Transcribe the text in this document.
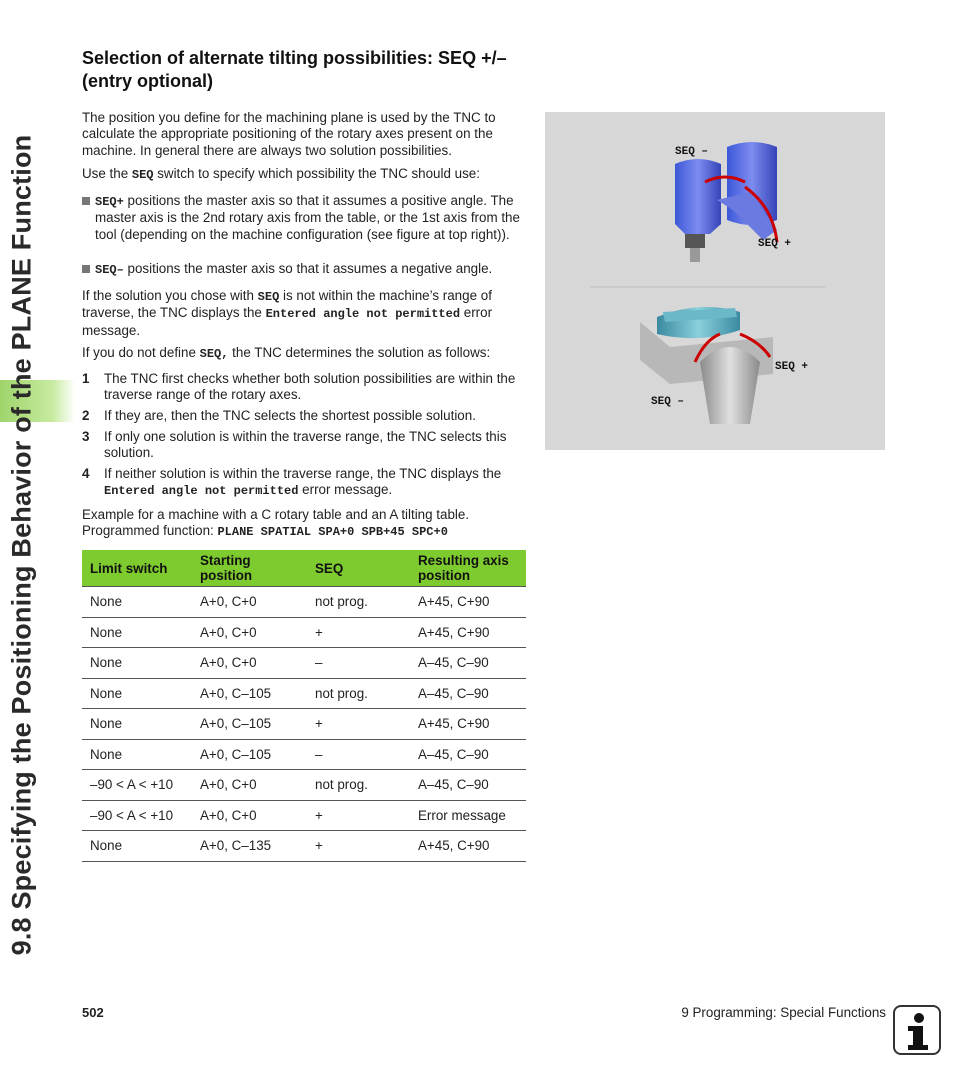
9.8 Specifying the Positioning Behavior of the PLANE Function
Selection of alternate tilting possibilities: SEQ +/– (entry optional)

The position you define for the machining plane is used by the TNC to calculate the appropriate positioning of the rotary axes present on the machine. In general there are always two solution possibilities.

Use the SEQ switch to specify which possibility the TNC should use:

SEQ+ positions the master axis so that it assumes a positive angle. The master axis is the 2nd rotary axis from the table, or the 1st axis from the tool (depending on the machine configuration (see figure at top right)).
SEQ– positions the master axis so that it assumes a negative angle.

If the solution you chose with SEQ is not within the machine’s range of traverse, the TNC displays the Entered angle not permitted error message.

If you do not define SEQ, the TNC determines the solution as follows:

1 The TNC first checks whether both solution possibilities are within the traverse range of the rotary axes.
2 If they are, then the TNC selects the shortest possible solution.
3 If only one solution is within the traverse range, the TNC selects this solution.
4 If neither solution is within the traverse range, the TNC displays the Entered angle not permitted error message.

Example for a machine with a C rotary table and an A tilting table.
Programmed function: PLANE SPATIAL SPA+0 SPB+45 SPC+0

Limit switch	Starting position	SEQ	Resulting axis position
None	A+0, C+0	not prog.	A+45, C+90
None	A+0, C+0	+	A+45, C+90
None	A+0, C+0	–	A–45, C–90
None	A+0, C–105	not prog.	A–45, C–90
None	A+0, C–105	+	A+45, C+90
None	A+0, C–105	–	A–45, C–90
–90 < A < +10	A+0, C+0	not prog.	A–45, C–90
–90 < A < +10	A+0, C+0	+	Error message
None	A+0, C–135	+	A+45, C+90
SEQ –
SEQ +
SEQ +
SEQ –
502	9 Programming: Special Functions
